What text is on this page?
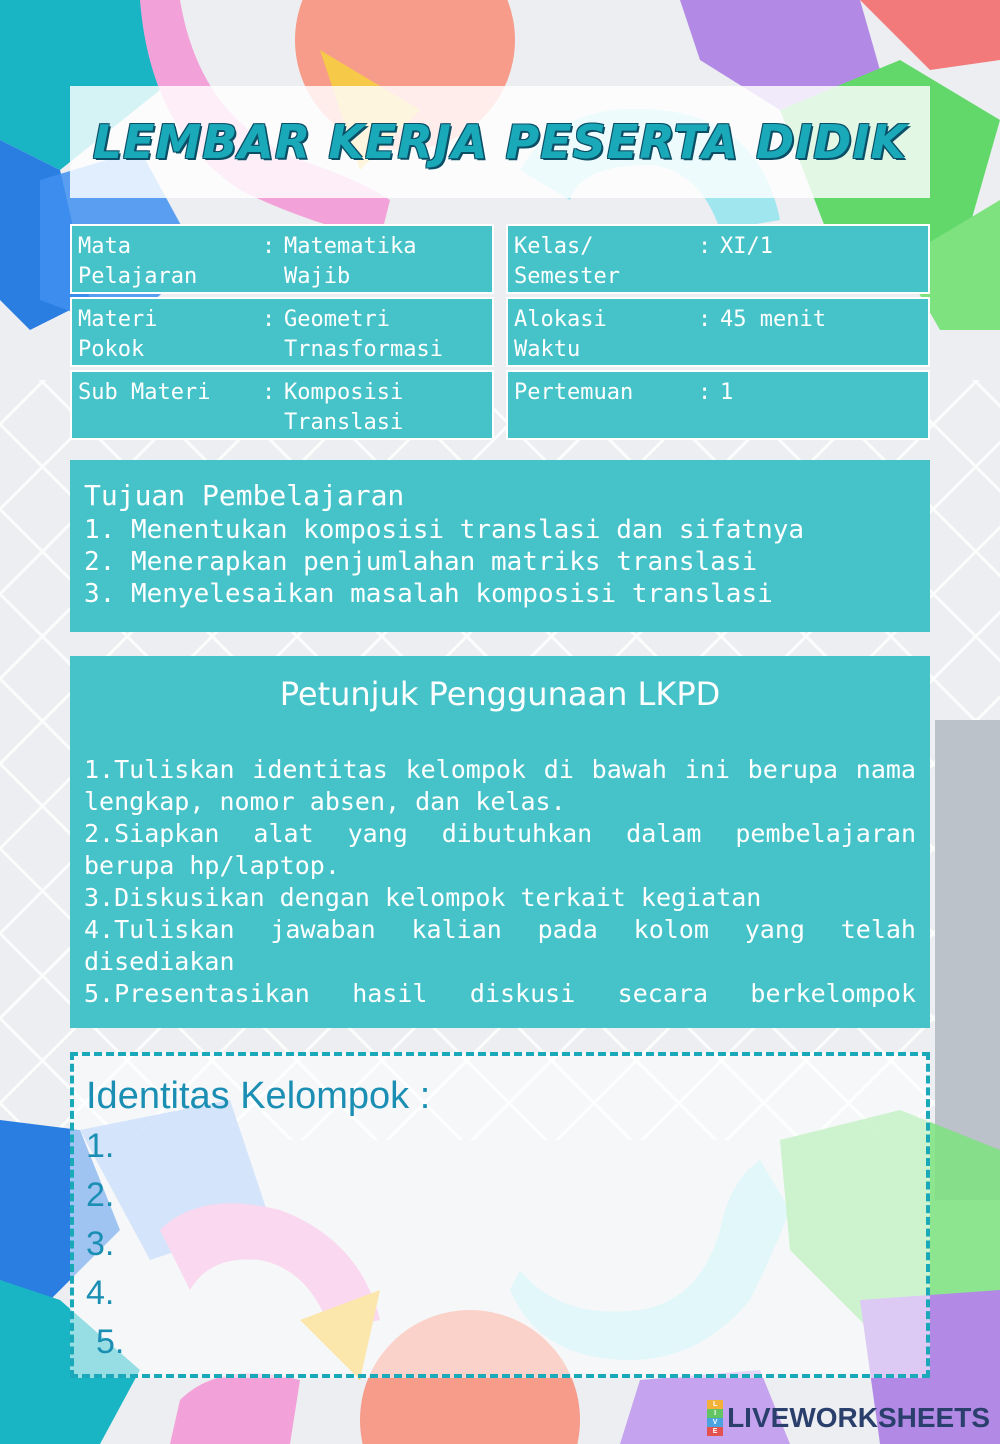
LEMBAR KERJA PESERTA DIDIK
Mata
Pelajaran
: Matematika
Wajib
Materi
Pokok
: Geometri
Trnasformasi
Sub Materi	: Komposisi
Translasi
Kelas/
Semester
: XI/1
Alokasi
Waktu
: 45 menit
Pertemuan	: 1
Tujuan Pembelajaran
1. Menentukan komposisi translasi dan sifatnya
2. Menerapkan penjumlahan matriks translasi
3. Menyelesaikan masalah komposisi translasi
Petunjuk Penggunaan LKPD
1.Tuliskan identitas kelompok di bawah ini berupa nama lengkap, nomor absen, dan kelas.
2.Siapkan alat yang dibutuhkan dalam pembelajaran berupa hp/laptop.
3.Diskusikan dengan kelompok terkait kegiatan
4.Tuliskan jawaban kalian pada kolom yang telah disediakan
5.Presentasikan hasil diskusi secara berkelompok
Identitas Kelompok :
1.
2.
3.
4.
5.
L
I
V
E LIVEWORKSHEETS
